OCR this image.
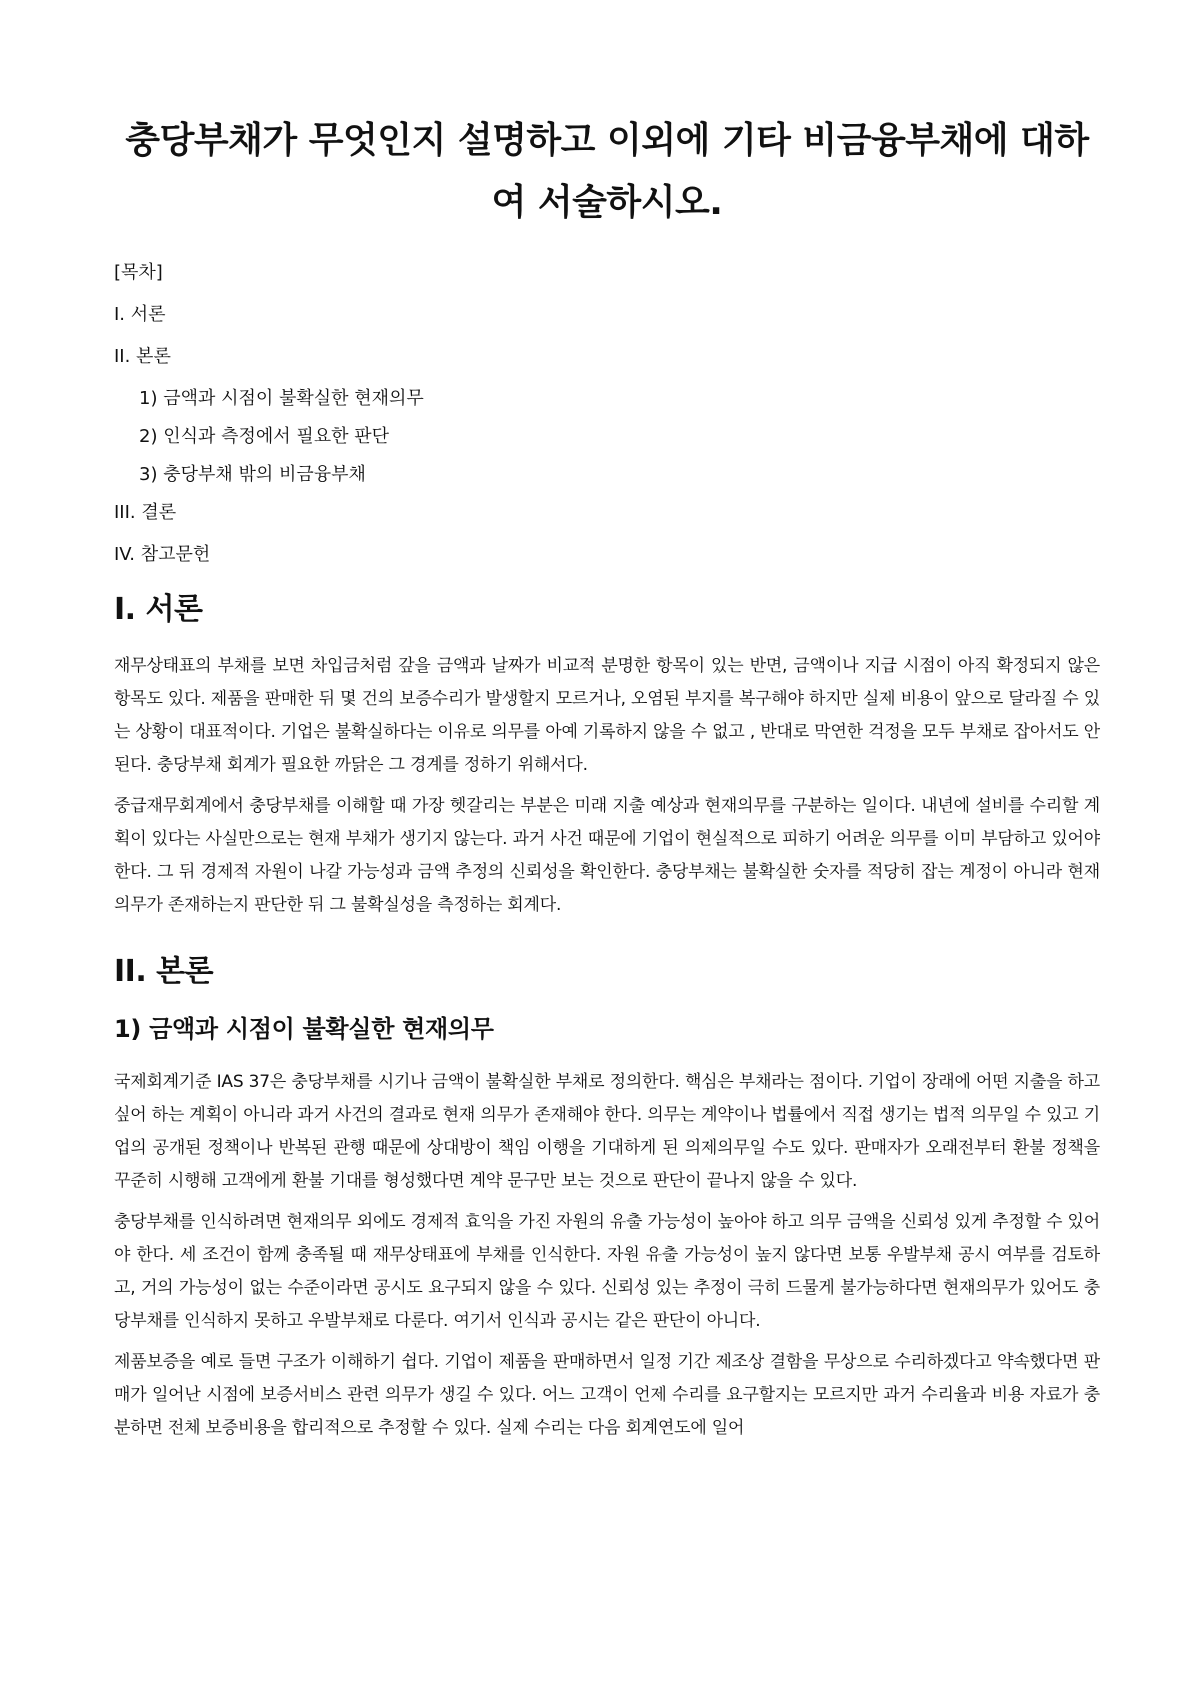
충당부채가 무엇인지 설명하고 이외에 기타 비금융부채에 대하여 서술하시오.
[목차]
I. 서론
II. 본론
1) 금액과 시점이 불확실한 현재의무
2) 인식과 측정에서 필요한 판단
3) 충당부채 밖의 비금융부채
III. 결론
IV. 참고문헌
I. 서론

재무상태표의 부채를 보면 차입금처럼 갚을 금액과 날짜가 비교적 분명한 항목이 있는 반면, 금액이나 지급 시점이 아직 확정되지 않은 항목도 있다. 제품을 판매한 뒤 몇 건의 보증수리가 발생할지 모르거나, 오염된 부지를 복구해야 하지만 실제 비용이 앞으로 달라질 수 있는 상황이 대표적이다. 기업은 불확실하다는 이유로 의무를 아예 기록하지 않을 수 없고 , 반대로 막연한 걱정을 모두 부채로 잡아서도 안 된다. 충당부채 회계가 필요한 까닭은 그 경계를 정하기 위해서다.

중급재무회계에서 충당부채를 이해할 때 가장 헷갈리는 부분은 미래 지출 예상과 현재의무를 구분하는 일이다. 내년에 설비를 수리할 계획이 있다는 사실만으로는 현재 부채가 생기지 않는다. 과거 사건 때문에 기업이 현실적으로 피하기 어려운 의무를 이미 부담하고 있어야 한다. 그 뒤 경제적 자원이 나갈 가능성과 금액 추정의 신뢰성을 확인한다. 충당부채는 불확실한 숫자를 적당히 잡는 계정이 아니라 현재의무가 존재하는지 판단한 뒤 그 불확실성을 측정하는 회계다.

II. 본론
1) 금액과 시점이 불확실한 현재의무

국제회계기준 IAS 37은 충당부채를 시기나 금액이 불확실한 부채로 정의한다. 핵심은 부채라는 점이다. 기업이 장래에 어떤 지출을 하고 싶어 하는 계획이 아니라 과거 사건의 결과로 현재 의무가 존재해야 한다. 의무는 계약이나 법률에서 직접 생기는 법적 의무일 수 있고 기업의 공개된 정책이나 반복된 관행 때문에 상대방이 책임 이행을 기대하게 된 의제의무일 수도 있다. 판매자가 오래전부터 환불 정책을 꾸준히 시행해 고객에게 환불 기대를 형성했다면 계약 문구만 보는 것으로 판단이 끝나지 않을 수 있다.

충당부채를 인식하려면 현재의무 외에도 경제적 효익을 가진 자원의 유출 가능성이 높아야 하고 의무 금액을 신뢰성 있게 추정할 수 있어야 한다. 세 조건이 함께 충족될 때 재무상태표에 부채를 인식한다. 자원 유출 가능성이 높지 않다면 보통 우발부채 공시 여부를 검토하고, 거의 가능성이 없는 수준이라면 공시도 요구되지 않을 수 있다. 신뢰성 있는 추정이 극히 드물게 불가능하다면 현재의무가 있어도 충당부채를 인식하지 못하고 우발부채로 다룬다. 여기서 인식과 공시는 같은 판단이 아니다.

제품보증을 예로 들면 구조가 이해하기 쉽다. 기업이 제품을 판매하면서 일정 기간 제조상 결함을 무상으로 수리하겠다고 약속했다면 판매가 일어난 시점에 보증서비스 관련 의무가 생길 수 있다. 어느 고객이 언제 수리를 요구할지는 모르지만 과거 수리율과 비용 자료가 충분하면 전체 보증비용을 합리적으로 추정할 수 있다. 실제 수리는 다음 회계연도에 일어
